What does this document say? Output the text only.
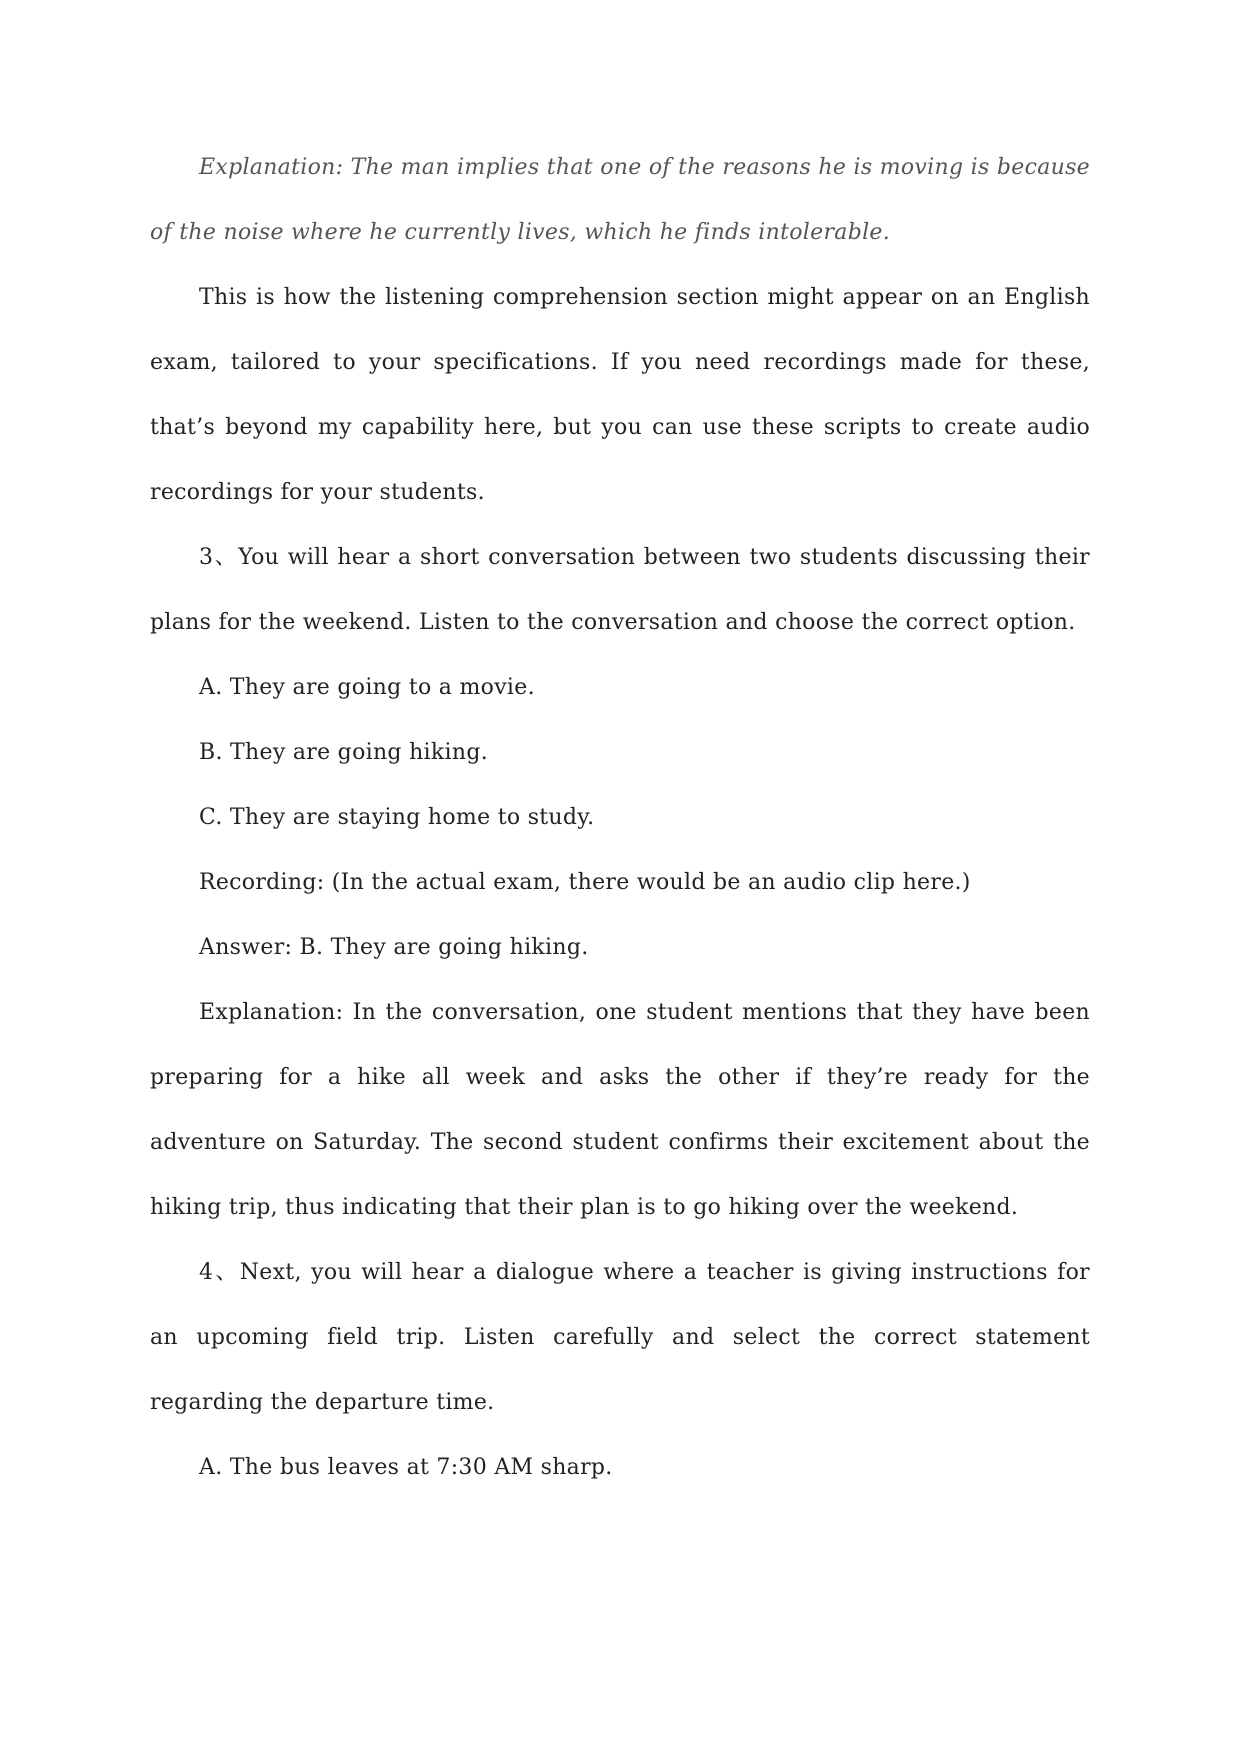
Explanation: The man implies that one of the reasons he is moving is because of the noise where he currently lives, which he finds intolerable.

This is how the listening comprehension section might appear on an English exam, tailored to your specifications. If you need recordings made for these, that’s beyond my capability here, but you can use these scripts to create audio recordings for your students.

3、You will hear a short conversation between two students discussing their plans for the weekend. Listen to the conversation and choose the correct option.

A. They are going to a movie.

B. They are going hiking.

C. They are staying home to study.

Recording: (In the actual exam, there would be an audio clip here.)

Answer: B. They are going hiking.

Explanation: In the conversation, one student mentions that they have been preparing for a hike all week and asks the other if they’re ready for the adventure on Saturday. The second student confirms their excitement about the hiking trip, thus indicating that their plan is to go hiking over the weekend.

4、Next, you will hear a dialogue where a teacher is giving instructions for an upcoming field trip. Listen carefully and select the correct statement regarding the departure time.

A. The bus leaves at 7:30 AM sharp.
